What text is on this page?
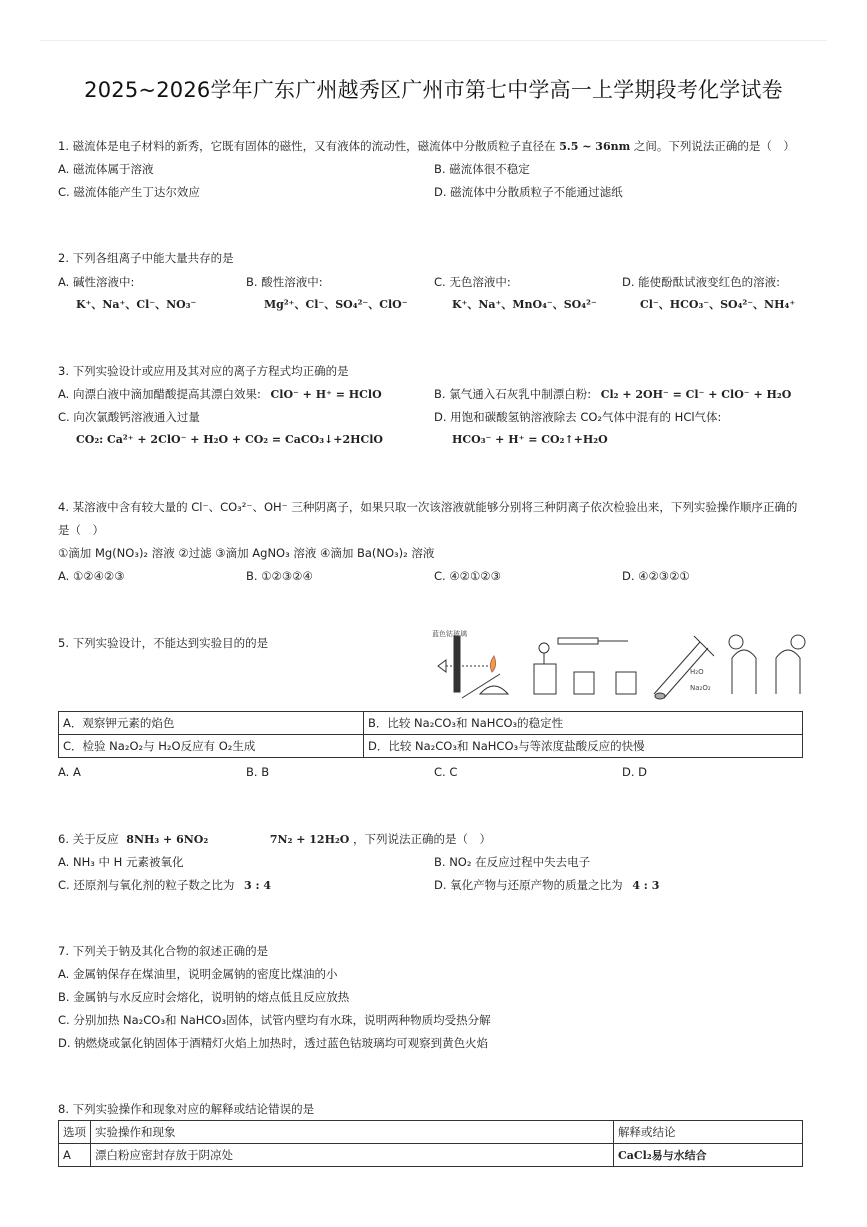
2025~2026学年广东广州越秀区广州市第七中学高一上学期段考化学试卷
1. 磁流体是电子材料的新秀，它既有固体的磁性，又有液体的流动性，磁流体中分散质粒子直径在 5.5 ~ 36nm 之间。下列说法正确的是（　）
A. 磁流体属于溶液	B. 磁流体很不稳定
C. 磁流体能产生丁达尔效应	D. 磁流体中分散质粒子不能通过滤纸
2. 下列各组离子中能大量共存的是
A. 碱性溶液中:
K⁺、Na⁺、Cl⁻、NO₃⁻
B. 酸性溶液中:
Mg²⁺、Cl⁻、SO₄²⁻、ClO⁻
C. 无色溶液中:
K⁺、Na⁺、MnO₄⁻、SO₄²⁻
D. 能使酚酞试液变红色的溶液:
Cl⁻、HCO₃⁻、SO₄²⁻、NH₄⁺
3. 下列实验设计或应用及其对应的离子方程式均正确的是
A. 向漂白液中滴加醋酸提高其漂白效果: ClO⁻ + H⁺ = HClO	B. 氯气通入石灰乳中制漂白粉: Cl₂ + 2OH⁻ = Cl⁻ + ClO⁻ + H₂O
C. 向次氯酸钙溶液通入过量
CO₂: Ca²⁺ + 2ClO⁻ + H₂O + CO₂ = CaCO₃↓+2HClO
D. 用饱和碳酸氢钠溶液除去 CO₂气体中混有的 HCl气体:
HCO₃⁻ + H⁺ = CO₂↑+H₂O
4. 某溶液中含有较大量的 Cl⁻、CO₃²⁻、OH⁻ 三种阴离子，如果只取一次该溶液就能够分别将三种阴离子依次检验出来，下列实验操作顺序正确的
是（　）
①滴加 Mg(NO₃)₂ 溶液 ②过滤 ③滴加 AgNO₃ 溶液 ④滴加 Ba(NO₃)₂ 溶液
A. ①②④②③	B. ①②③②④	C. ④②①②③	D. ④②③②①
5. 下列实验设计，不能达到实验目的的是
蓝色钴玻璃
H₂O
Na₂O₂
A．观察钾元素的焰色	B．比较 Na₂CO₃和 NaHCO₃的稳定性
C．检验 Na₂O₂与 H₂O反应有 O₂生成	D．比较 Na₂CO₃和 NaHCO₃与等浓度盐酸反应的快慢
A. A	B. B	C. C	D. D
6. 关于反应 8NH₃ + 6NO₂	7N₂ + 12H₂O ，下列说法正确的是（　）
A. NH₃ 中 H 元素被氧化	B. NO₂ 在反应过程中失去电子
C. 还原剂与氧化剂的粒子数之比为 3 : 4	D. 氧化产物与还原产物的质量之比为 4 : 3
7. 下列关于钠及其化合物的叙述正确的是
A. 金属钠保存在煤油里，说明金属钠的密度比煤油的小
B. 金属钠与水反应时会熔化，说明钠的熔点低且反应放热
C. 分别加热 Na₂CO₃和 NaHCO₃固体，试管内壁均有水珠，说明两种物质均受热分解
D. 钠燃烧或氯化钠固体于酒精灯火焰上加热时，透过蓝色钴玻璃均可观察到黄色火焰
8. 下列实验操作和现象对应的解释或结论错误的是
选项	实验操作和现象	解释或结论
A	漂白粉应密封存放于阴凉处	CaCl₂易与水结合
